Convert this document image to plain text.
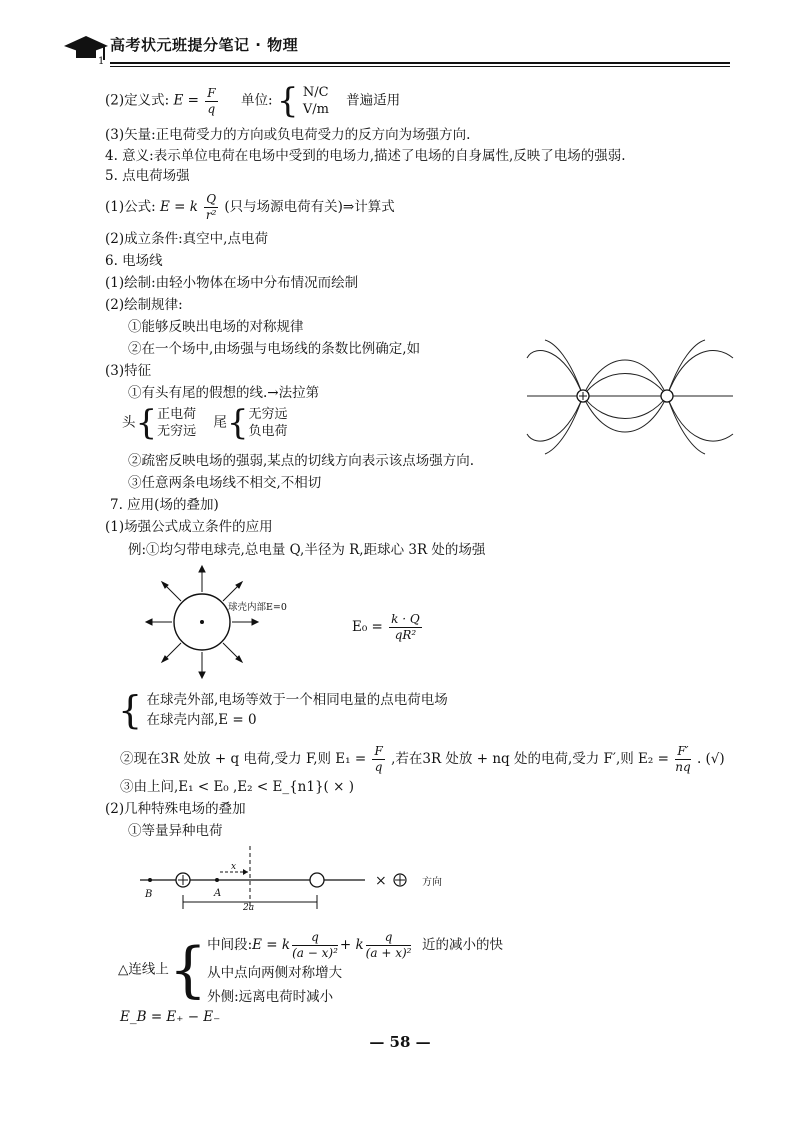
1
高考状元班提分笔记 · 物理
(2)定义式: $E = \frac{F}{q}$ 单位: { N/C
V/m    普遍适用
(3)矢量:正电荷受力的方向或负电荷受力的反方向为场强方向.
4. 意义:表示单位电荷在电场中受到的电场力,描述了电场的自身属性,反映了电场的强弱.
5. 点电荷场强
(1)公式: E = k $\frac{Q}{\text{r²}}$ (只与场源电荷有关)⇒计算式
(2)成立条件:真空中,点电荷
6. 电场线
(1)绘制:由轻小物体在场中分布情况而绘制
(2)绘制规律:
①能够反映出电场的对称规律
②在一个场中,由场强与电场线的条数比例确定,如
(3)特征
①有头有尾的假想的线.→法拉第
头{正电荷
无穷远    尾{无穷远
负电荷
②疏密反映电场的强弱,某点的切线方向表示该点场强方向.
③任意两条电场线不相交,不相切
7. 应用(场的叠加)
(1)场强公式成立条件的应用
例:①均匀带电球壳,总电量 Q,半径为 R,距球心 3R 处的场强
球壳内部E=0
$E_0 = \frac{k \cdot Q}{\text{qR²}}$
{ 在球壳外部,电场等效于一个相同电量的点电荷电场
在球壳内部,E = 0
②现在3R 处放 + q 电荷,受力 F,则 $E_1 = \frac{F}{q}$ ,若在3R 处放 + nq 处的电荷,受力 F′,则 $E_2 = \frac{F'}{nq}$ . (√)
③由上问,E₁ < E₀ ,E₂ < E_{n1}( × )
(2)几种特殊电场的叠加
①等量异种电荷
B	A
x
2a
×	方向
△连线上{中间段:E = k $\frac{q}{\text{(a − x)²}} + k \frac{q}{\text{(a + x)²}}$ 近的减小的快
从中点向两侧对称增大
外侧:远离电荷时减小
E_B = E₊ − E₋
— 58 —
